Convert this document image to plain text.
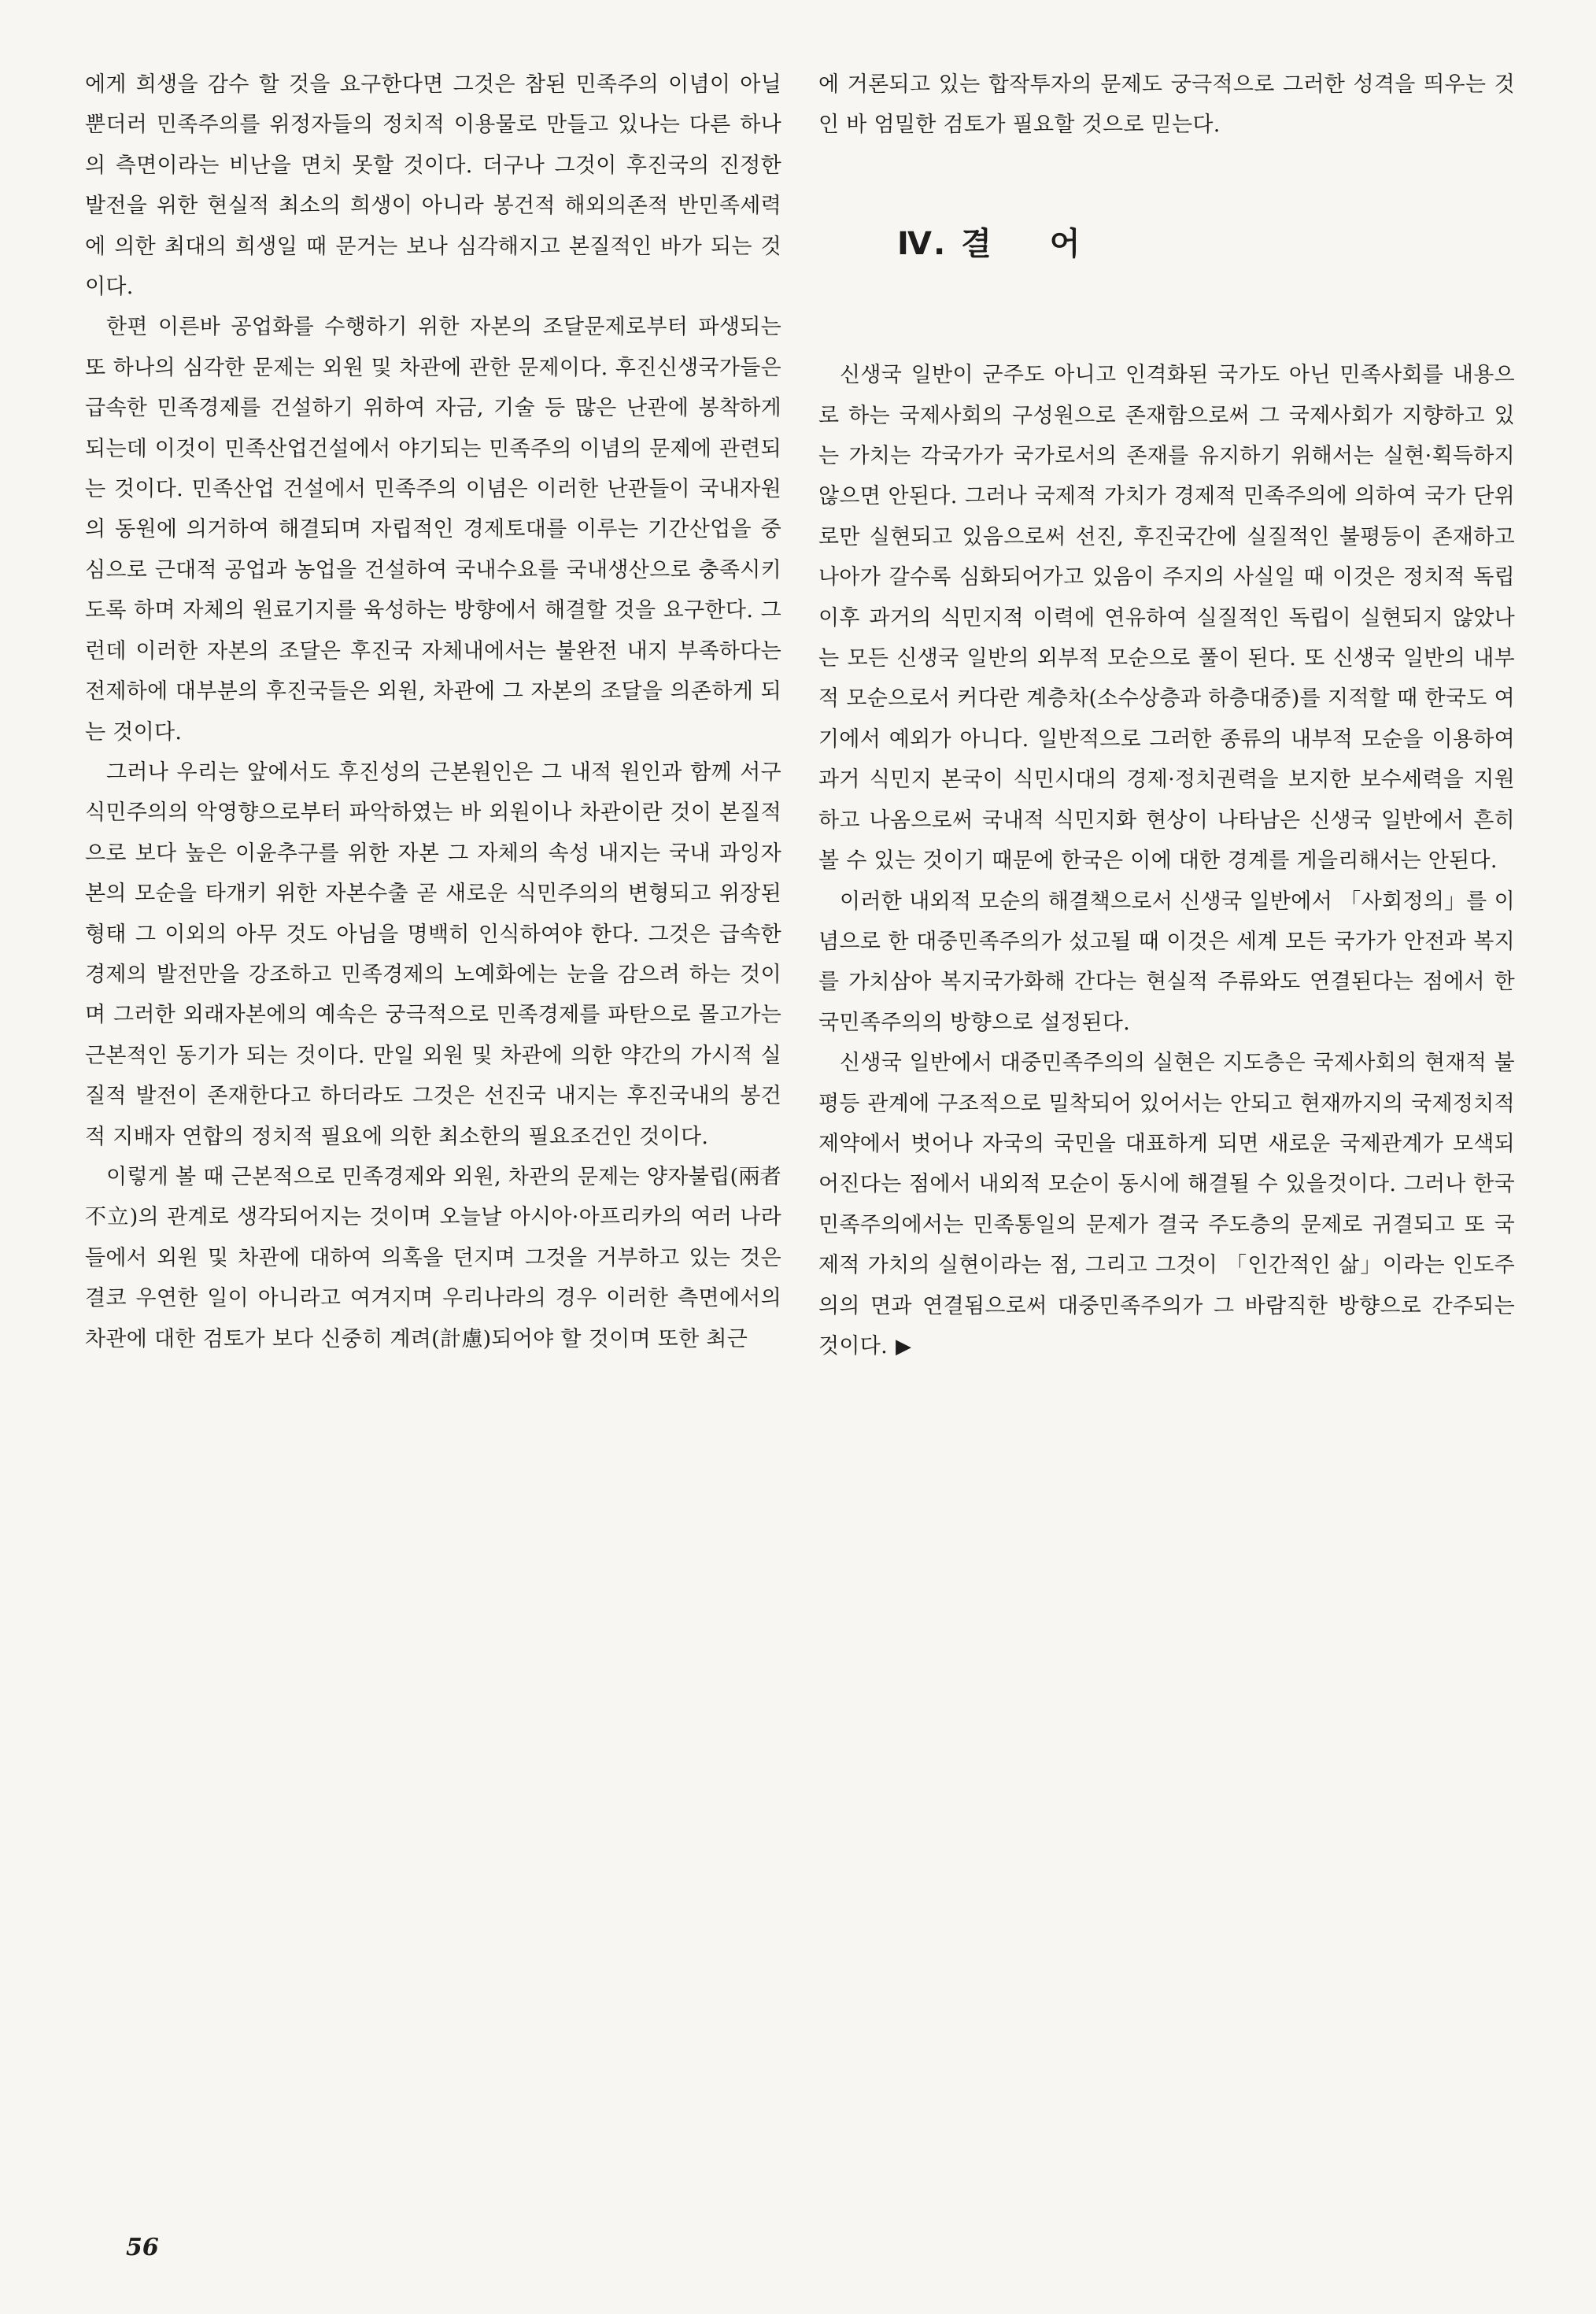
에게 희생을 감수 할 것을 요구한다면 그것은 참된 민족주의 이념이 아닐 뿐더러 민족주의를 위정자들의 정치적 이용물로 만들고 있나는 다른 하나의 측면이라는 비난을 면치 못할 것이다. 더구나 그것이 후진국의 진정한 발전을 위한 현실적 최소의 희생이 아니라 봉건적 해외의존적 반민족세력에 의한 최대의 희생일 때 문거는 보나 심각해지고 본질적인 바가 되는 것이다.

한편 이른바 공업화를 수행하기 위한 자본의 조달문제로부터 파생되는 또 하나의 심각한 문제는 외원 및 차관에 관한 문제이다. 후진신생국가들은 급속한 민족경제를 건설하기 위하여 자금, 기술 등 많은 난관에 봉착하게 되는데 이것이 민족산업건설에서 야기되는 민족주의 이념의 문제에 관련되는 것이다. 민족산업 건설에서 민족주의 이념은 이러한 난관들이 국내자원의 동원에 의거하여 해결되며 자립적인 경제토대를 이루는 기간산업을 중심으로 근대적 공업과 농업을 건설하여 국내수요를 국내생산으로 충족시키도록 하며 자체의 원료기지를 육성하는 방향에서 해결할 것을 요구한다. 그런데 이러한 자본의 조달은 후진국 자체내에서는 불완전 내지 부족하다는 전제하에 대부분의 후진국들은 외원, 차관에 그 자본의 조달을 의존하게 되는 것이다.

그러나 우리는 앞에서도 후진성의 근본원인은 그 내적 원인과 함께 서구식민주의의 악영향으로부터 파악하였는 바 외원이나 차관이란 것이 본질적으로 보다 높은 이윤추구를 위한 자본 그 자체의 속성 내지는 국내 과잉자본의 모순을 타개키 위한 자본수출 곧 새로운 식민주의의 변형되고 위장된 형태 그 이외의 아무 것도 아님을 명백히 인식하여야 한다. 그것은 급속한 경제의 발전만을 강조하고 민족경제의 노예화에는 눈을 감으려 하는 것이며 그러한 외래자본에의 예속은 궁극적으로 민족경제를 파탄으로 몰고가는 근본적인 동기가 되는 것이다. 만일 외원 및 차관에 의한 약간의 가시적 실질적 발전이 존재한다고 하더라도 그것은 선진국 내지는 후진국내의 봉건적 지배자 연합의 정치적 필요에 의한 최소한의 필요조건인 것이다.

이렇게 볼 때 근본적으로 민족경제와 외원, 차관의 문제는 양자불립(兩者不立)의 관계로 생각되어지는 것이며 오늘날 아시아·아프리카의 여러 나라들에서 외원 및 차관에 대하여 의혹을 던지며 그것을 거부하고 있는 것은 결코 우연한 일이 아니라고 여겨지며 우리나라의 경우 이러한 측면에서의 차관에 대한 검토가 보다 신중히 계려(計慮)되어야 할 것이며 또한 최근

에 거론되고 있는 합작투자의 문제도 궁극적으로 그러한 성격을 띄우는 것인 바 엄밀한 검토가 필요할 것으로 믿는다.

Ⅳ. 결 어

신생국 일반이 군주도 아니고 인격화된 국가도 아닌 민족사회를 내용으로 하는 국제사회의 구성원으로 존재함으로써 그 국제사회가 지향하고 있는 가치는 각국가가 국가로서의 존재를 유지하기 위해서는 실현·획득하지 않으면 안된다. 그러나 국제적 가치가 경제적 민족주의에 의하여 국가 단위로만 실현되고 있음으로써 선진, 후진국간에 실질적인 불평등이 존재하고 나아가 갈수록 심화되어가고 있음이 주지의 사실일 때 이것은 정치적 독립이후 과거의 식민지적 이력에 연유하여 실질적인 독립이 실현되지 않았나는 모든 신생국 일반의 외부적 모순으로 풀이 된다. 또 신생국 일반의 내부적 모순으로서 커다란 계층차(소수상층과 하층대중)를 지적할 때 한국도 여기에서 예외가 아니다. 일반적으로 그러한 종류의 내부적 모순을 이용하여 과거 식민지 본국이 식민시대의 경제·정치권력을 보지한 보수세력을 지원하고 나옴으로써 국내적 식민지화 현상이 나타남은 신생국 일반에서 흔히 볼 수 있는 것이기 때문에 한국은 이에 대한 경계를 게을리해서는 안된다.

이러한 내외적 모순의 해결책으로서 신생국 일반에서 「사회정의」를 이념으로 한 대중민족주의가 섰고될 때 이것은 세계 모든 국가가 안전과 복지를 가치삼아 복지국가화해 간다는 현실적 주류와도 연결된다는 점에서 한국민족주의의 방향으로 설정된다.

신생국 일반에서 대중민족주의의 실현은 지도층은 국제사회의 현재적 불평등 관계에 구조적으로 밀착되어 있어서는 안되고 현재까지의 국제정치적 제약에서 벗어나 자국의 국민을 대표하게 되면 새로운 국제관계가 모색되어진다는 점에서 내외적 모순이 동시에 해결될 수 있을것이다. 그러나 한국 민족주의에서는 민족통일의 문제가 결국 주도층의 문제로 귀결되고 또 국제적 가치의 실현이라는 점, 그리고 그것이 「인간적인 삶」이라는 인도주의의 면과 연결됨으로써 대중민족주의가 그 바람직한 방향으로 간주되는 것이다. ▶

56
